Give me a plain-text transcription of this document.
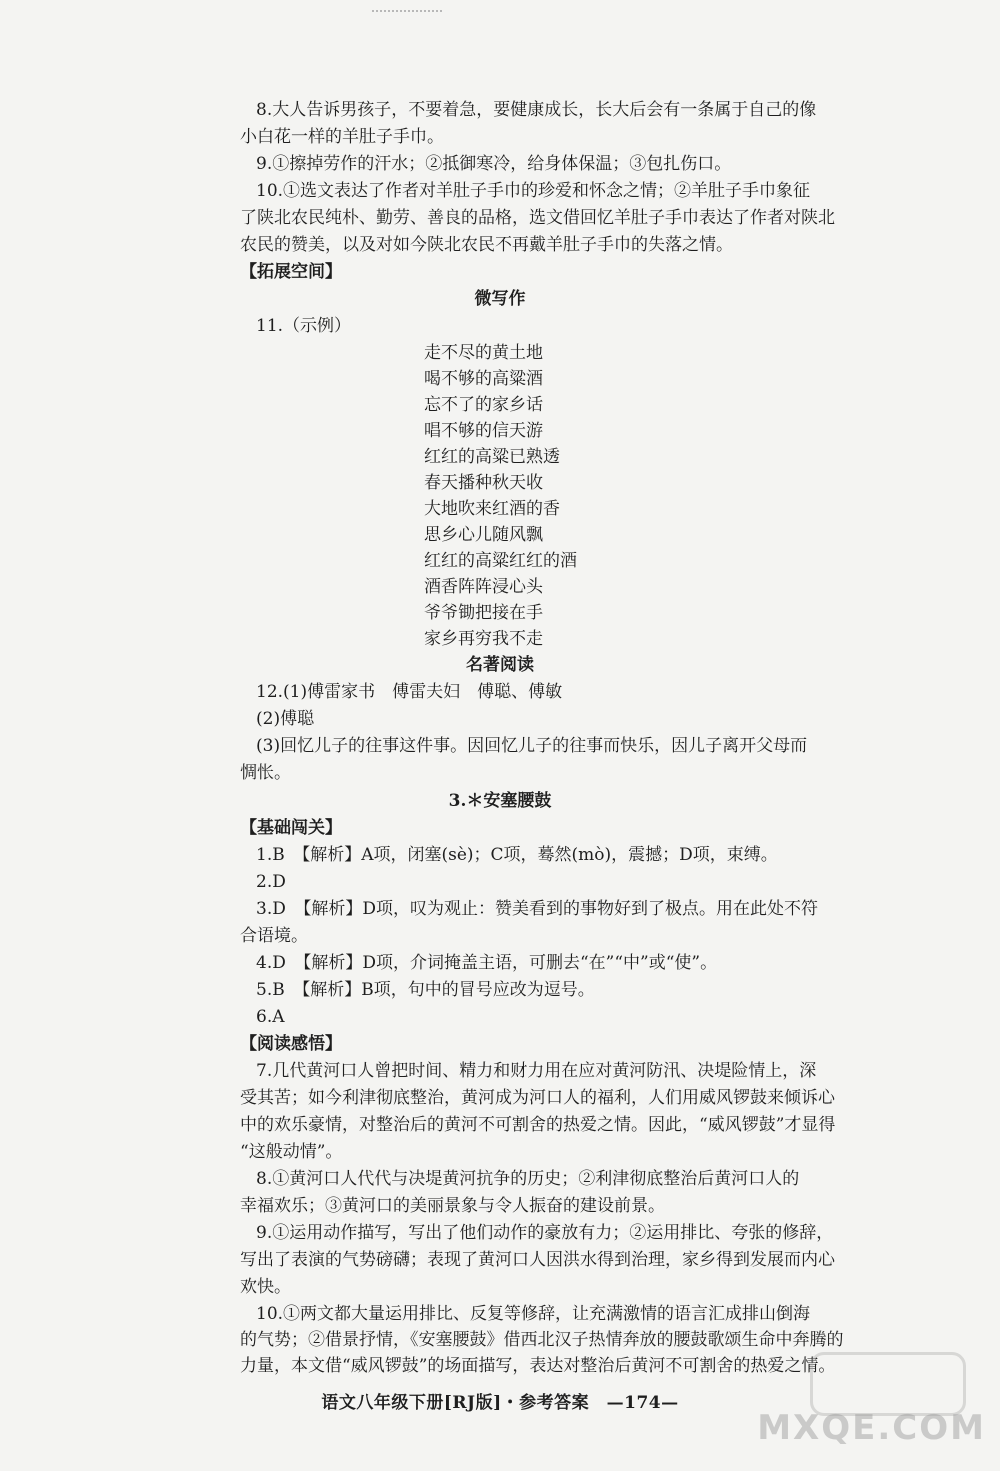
8.大人告诉男孩子，不要着急，要健康成长，长大后会有一条属于自己的像
小白花一样的羊肚子手巾。
9.①擦掉劳作的汗水；②抵御寒冷，给身体保温；③包扎伤口。
10.①选文表达了作者对羊肚子手巾的珍爱和怀念之情；②羊肚子手巾象征
了陕北农民纯朴、勤劳、善良的品格，选文借回忆羊肚子手巾表达了作者对陕北
农民的赞美，以及对如今陕北农民不再戴羊肚子手巾的失落之情。
【拓展空间】
微写作
11.（示例）
走不尽的黄土地
喝不够的高粱酒
忘不了的家乡话
唱不够的信天游
红红的高粱已熟透
春天播种秋天收
大地吹来红酒的香
思乡心儿随风飘
红红的高粱红红的酒
酒香阵阵浸心头
爷爷锄把接在手
家乡再穷我不走
名著阅读
12.(1)傅雷家书　傅雷夫妇　傅聪、傅敏
(2)傅聪
(3)回忆儿子的往事这件事。因回忆儿子的往事而快乐，因儿子离开父母而
惆怅。
3.＊安塞腰鼓
【基础闯关】
1.B　【解析】A项，闭塞(sè)；C项，蓦然(mò)，震撼；D项，束缚。
2.D
3.D　【解析】D项，叹为观止：赞美看到的事物好到了极点。用在此处不符
合语境。
4.D　【解析】D项，介词掩盖主语，可删去“在”“中”或“使”。
5.B　【解析】B项，句中的冒号应改为逗号。
6.A
【阅读感悟】
7.几代黄河口人曾把时间、精力和财力用在应对黄河防汛、决堤险情上，深
受其苦；如今利津彻底整治，黄河成为河口人的福利，人们用威风锣鼓来倾诉心
中的欢乐豪情，对整治后的黄河不可割舍的热爱之情。因此，“威风锣鼓”才显得
“这般动情”。
8.①黄河口人代代与决堤黄河抗争的历史；②利津彻底整治后黄河口人的
幸福欢乐；③黄河口的美丽景象与令人振奋的建设前景。
9.①运用动作描写，写出了他们动作的豪放有力；②运用排比、夸张的修辞，
写出了表演的气势磅礴；表现了黄河口人因洪水得到治理，家乡得到发展而内心
欢快。
10.①两文都大量运用排比、反复等修辞，让充满激情的语言汇成排山倒海
的气势；②借景抒情，《安塞腰鼓》借西北汉子热情奔放的腰鼓歌颂生命中奔腾的
力量，本文借“威风锣鼓”的场面描写，表达对整治后黄河不可割舍的热爱之情。
语文八年级下册[RJ版]・参考答案　—174—
MXQE.COM
